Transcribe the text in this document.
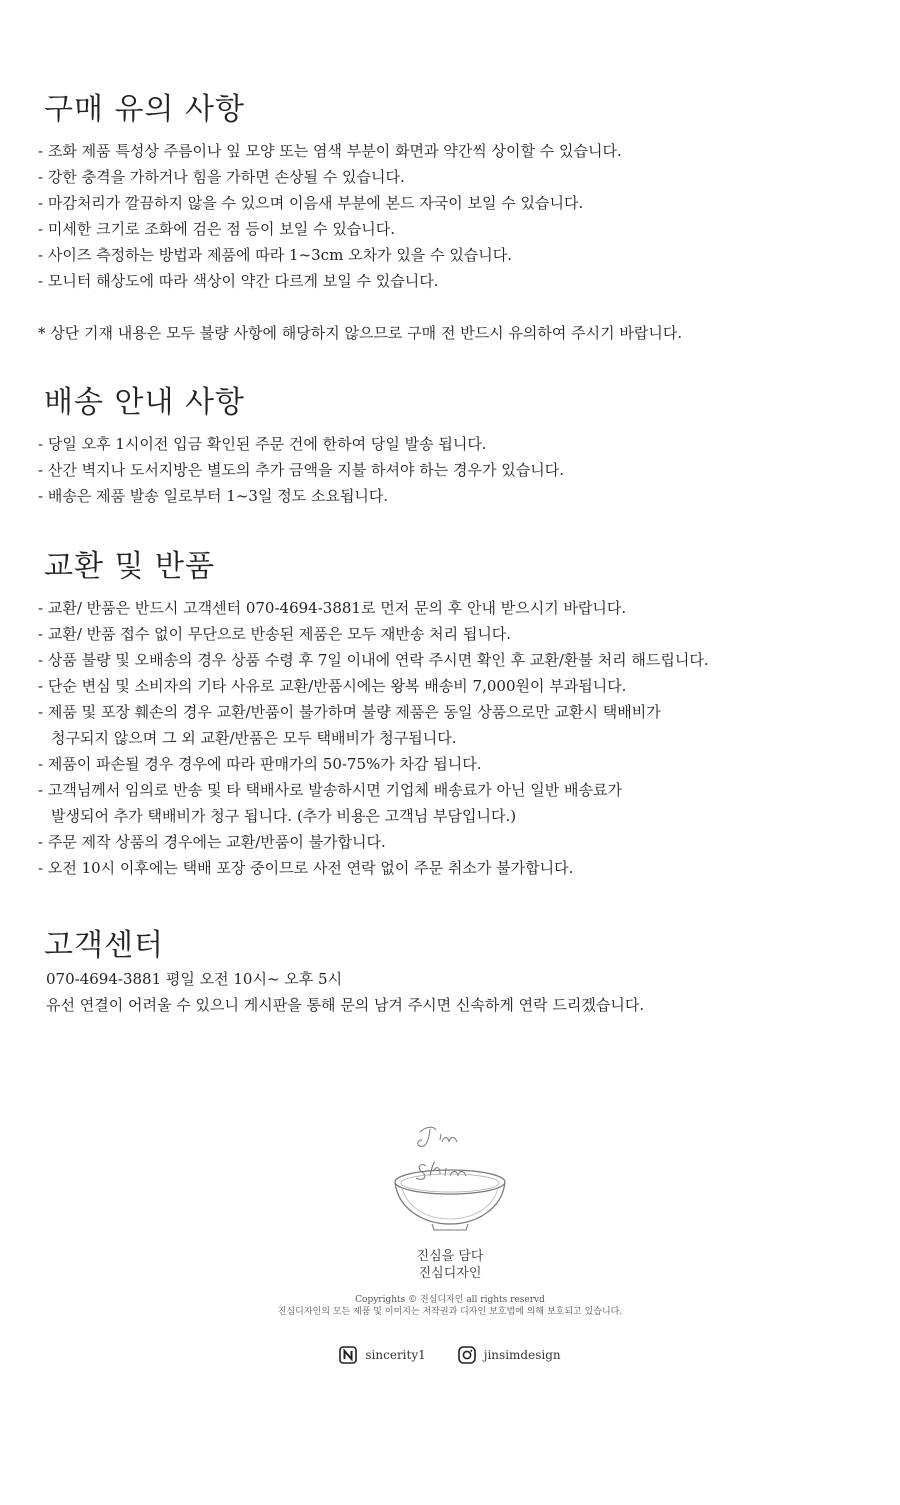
구매 유의 사항
- 조화 제품 특성상 주름이나 잎 모양 또는 염색 부분이 화면과 약간씩 상이할 수 있습니다.
- 강한 충격을 가하거나 힘을 가하면 손상될 수 있습니다.
- 마감처리가 깔끔하지 않을 수 있으며 이음새 부분에 본드 자국이 보일 수 있습니다.
- 미세한 크기로 조화에 검은 점 등이 보일 수 있습니다.
- 사이즈 측정하는 방법과 제품에 따라 1~3cm 오차가 있을 수 있습니다.
- 모니터 해상도에 따라 색상이 약간 다르게 보일 수 있습니다.
* 상단 기재 내용은 모두 불량 사항에 해당하지 않으므로 구매 전 반드시 유의하여 주시기 바랍니다.
배송 안내 사항
- 당일 오후 1시이전 입금 확인된 주문 건에 한하여 당일 발송 됩니다.
- 산간 벽지나 도서지방은 별도의 추가 금액을 지불 하셔야 하는 경우가 있습니다.
- 배송은 제품 발송 일로부터 1~3일 정도 소요됩니다.
교환 및 반품
- 교환/ 반품은 반드시 고객센터 070-4694-3881로 먼저 문의 후 안내 받으시기 바랍니다.
- 교환/ 반품 접수 없이 무단으로 반송된 제품은 모두 재반송 처리 됩니다.
- 상품 불량 및 오배송의 경우 상품 수령 후 7일 이내에 연락 주시면 확인 후 교환/환불 처리 해드립니다.
- 단순 변심 및 소비자의 기타 사유로 교환/반품시에는 왕복 배송비 7,000원이 부과됩니다.
- 제품 및 포장 훼손의 경우 교환/반품이 불가하며 불량 제품은 동일 상품으로만 교환시 택배비가
청구되지 않으며 그 외 교환/반품은 모두 택배비가 청구됩니다.
- 제품이 파손될 경우 경우에 따라 판매가의 50-75%가 차감 됩니다.
- 고객님께서 임의로 반송 및 타 택배사로 발송하시면 기업체 배송료가 아닌 일반 배송료가
발생되어 추가 택배비가 청구 됩니다. (추가 비용은 고객님 부담입니다.)
- 주문 제작 상품의 경우에는 교환/반품이 불가합니다.
- 오전 10시 이후에는 택배 포장 중이므로 사전 연락 없이 주문 취소가 불가합니다.
고객센터
070-4694-3881 평일 오전 10시~ 오후 5시
유선 연결이 어려울 수 있으니 게시판을 통해 문의 남겨 주시면 신속하게 연락 드리겠습니다.
진심을 담다
진심디자인
Copyrights © 진심디자인 all rights reservd
진심디자인의 모든 제품 및 이미지는 저작권과 디자인 보호법에 의해 보호되고 있습니다.
sincerity1	jinsimdesign
